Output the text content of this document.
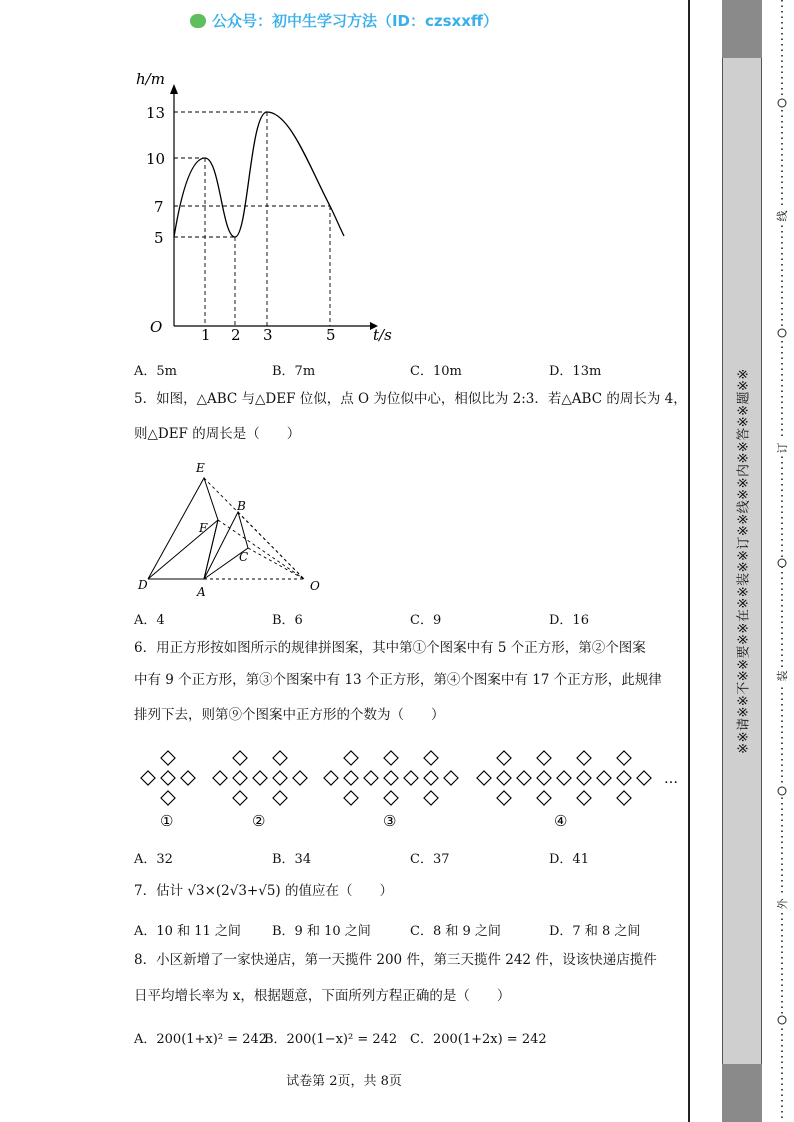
公众号：初中生学习方法（ID：czsxxff）
h/m
13
10
7
5
O	1 2 3	5 t/s
A．5m	B．7m	C．10m	D．13m
5．如图，△ABC 与△DEF 位似，点 O 为位似中心，相似比为 2:3．若△ABC 的周长为 4，
则△DEF 的周长是（　　）
E
B
F
C
D	A	O
A．4	B．6	C．9	D．16
6．用正方形按如图所示的规律拼图案，其中第①个图案中有 5 个正方形，第②个图案
中有 9 个正方形，第③个图案中有 13 个正方形，第④个图案中有 17 个正方形，此规律
排列下去，则第⑨个图案中正方形的个数为（　　）
…
①	②	③	④
A．32	B．34	C．37	D．41
7．估计 √3×(2√3+√5) 的值应在（　　）
A．10 和 11 之间 B．9 和 10 之间	C．8 和 9 之间	D．7 和 8 之间
8．小区新增了一家快递店，第一天揽件 200 件，第三天揽件 242 件，设该快递店揽件
日平均增长率为 x，根据题意，下面所列方程正确的是（　　）
A．200(1+x)² = 242
B．200(1−x)² = 242 C．200(1+2x) = 242
试卷第 2页，共 8页
※※请※※不※※要※※在※※装※※订※※线※※内※※答※※题※※
线
订
装
外
